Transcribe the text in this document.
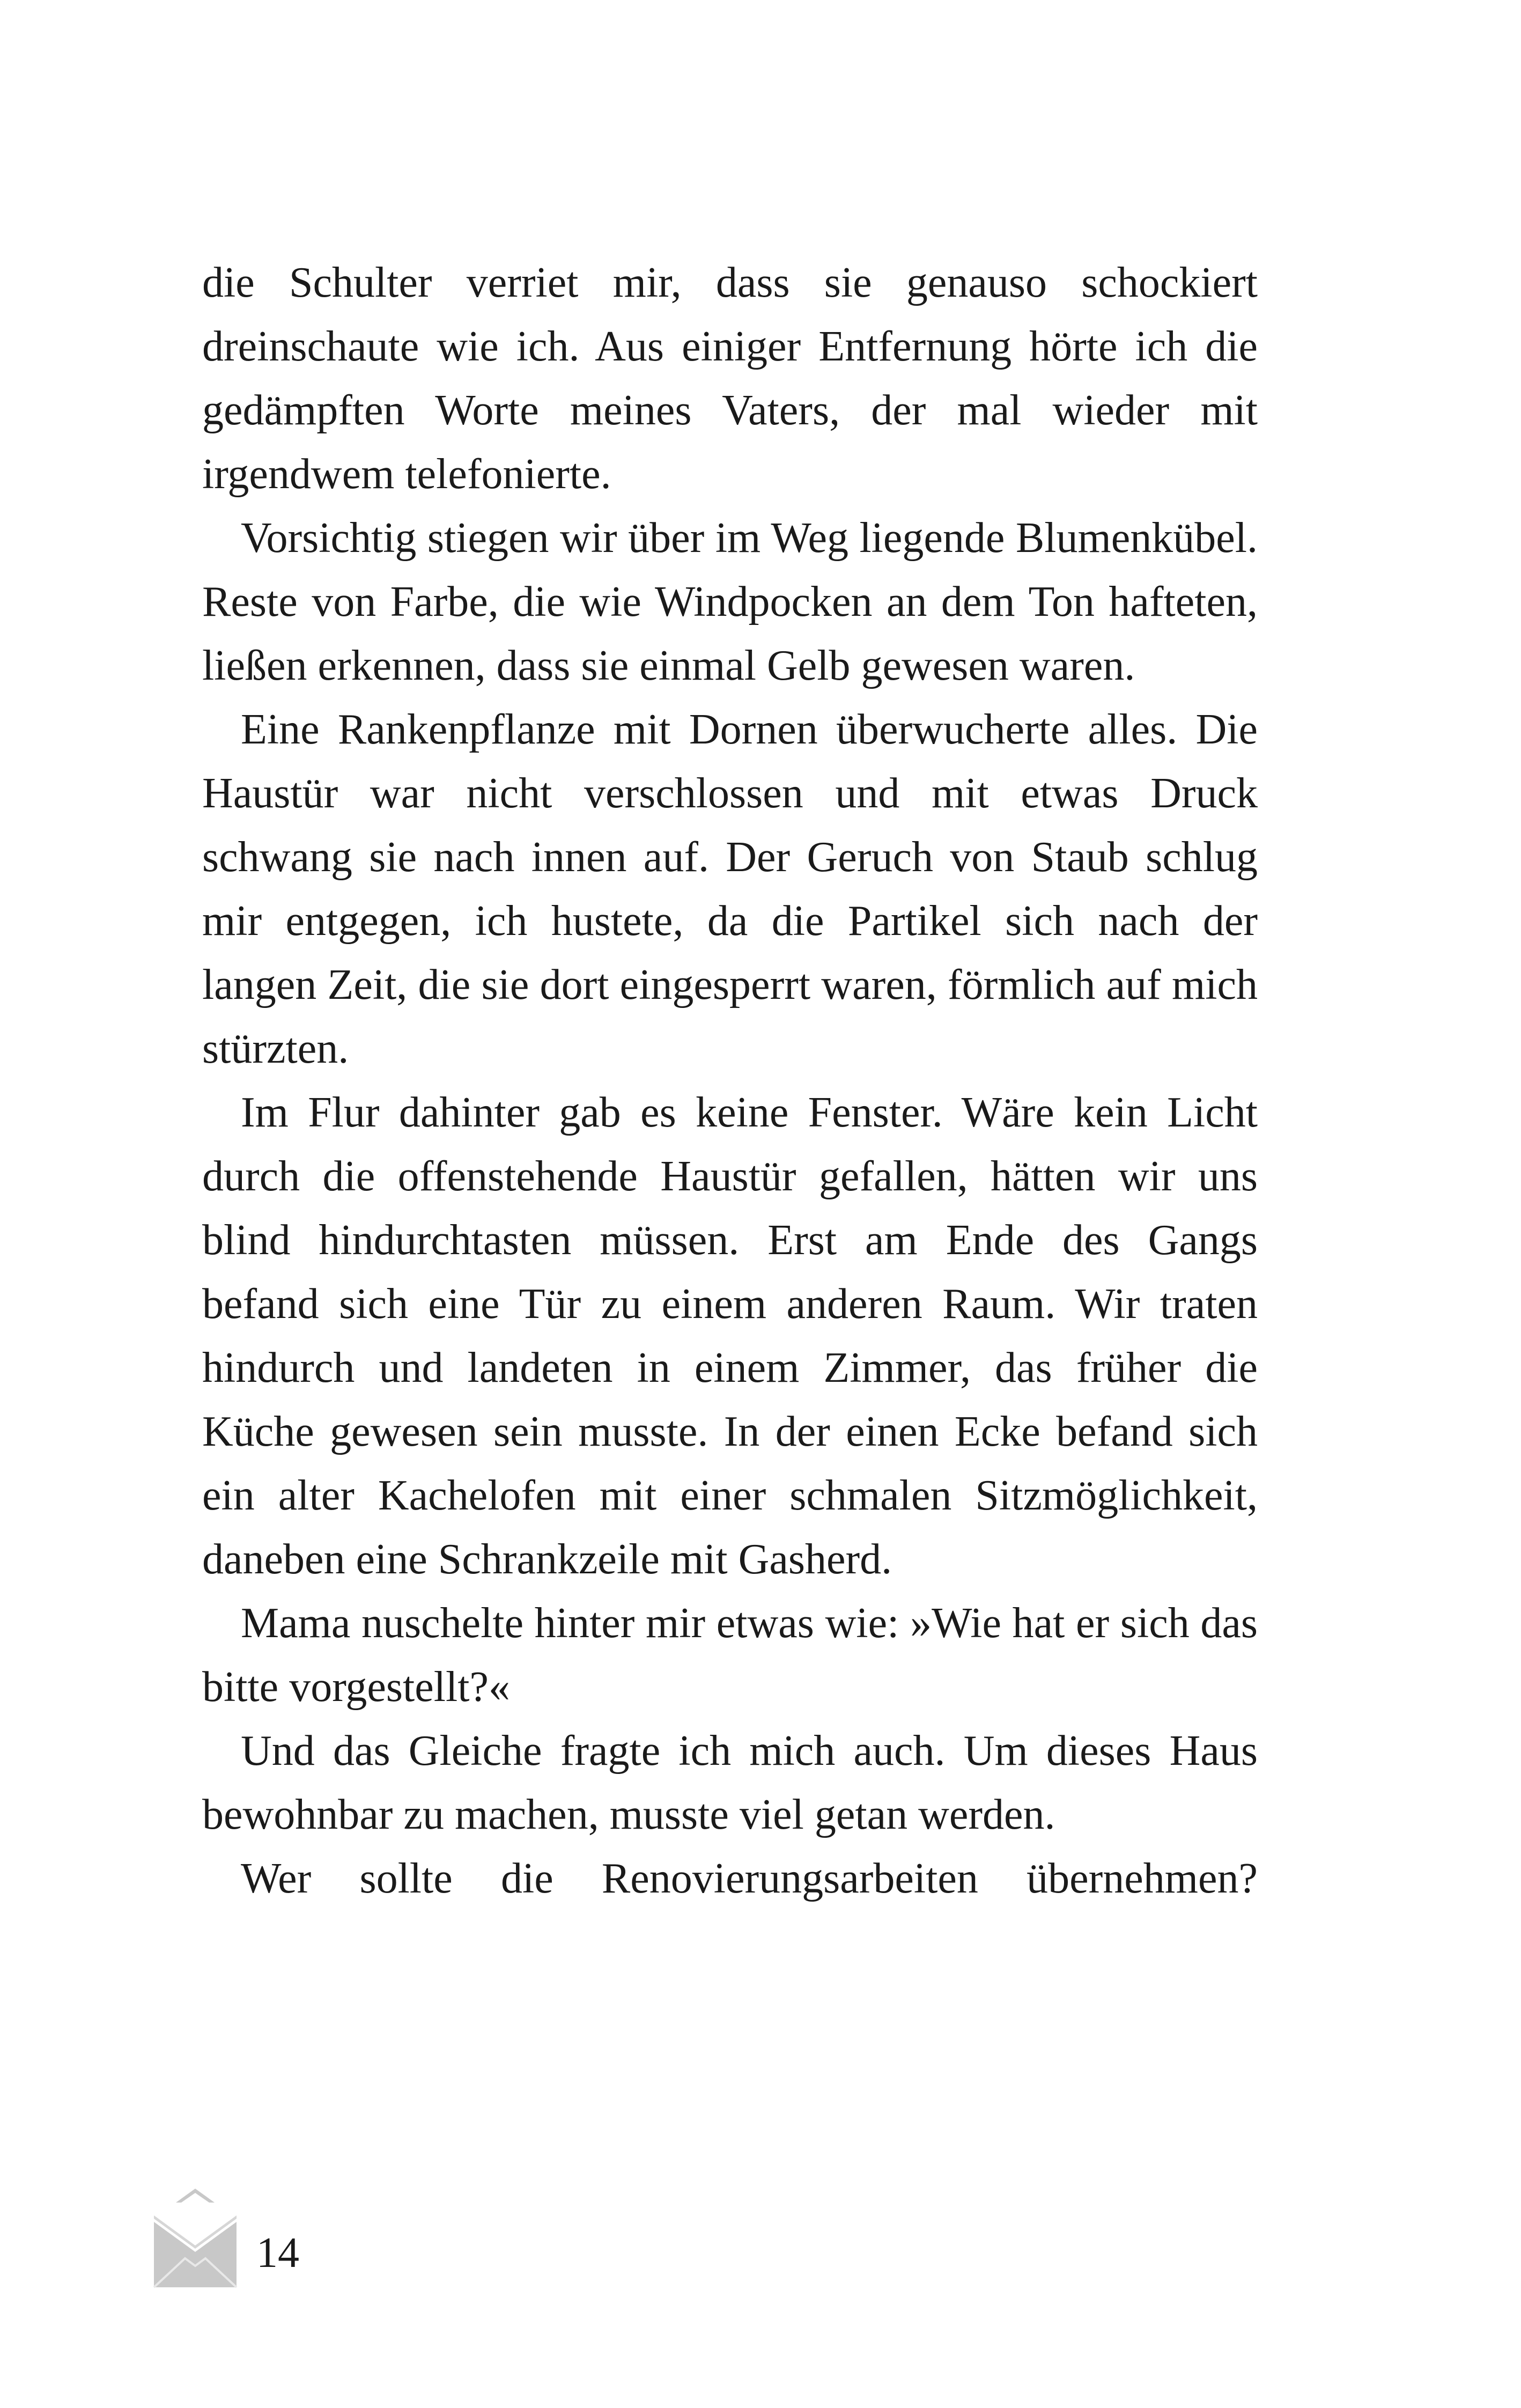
die Schulter verriet mir, dass sie genauso schockiert dreinschaute wie ich. Aus einiger Entfernung hörte ich die gedämpften Worte meines Vaters, der mal wieder mit irgendwem telefonierte.

Vorsichtig stiegen wir über im Weg liegende Blumenkübel. Reste von Farbe, die wie Windpocken an dem Ton hafteten, ließen erkennen, dass sie einmal Gelb gewesen waren.

Eine Rankenpflanze mit Dornen überwucherte alles. Die Haustür war nicht verschlossen und mit etwas Druck schwang sie nach innen auf. Der Geruch von Staub schlug mir entgegen, ich hustete, da die Partikel sich nach der langen Zeit, die sie dort eingesperrt waren, förmlich auf mich stürzten.

Im Flur dahinter gab es keine Fenster. Wäre kein Licht durch die offenstehende Haustür gefallen, hätten wir uns blind hindurchtasten müssen. Erst am Ende des Gangs befand sich eine Tür zu einem anderen Raum. Wir traten hindurch und landeten in einem Zimmer, das früher die Küche gewesen sein musste. In der einen Ecke befand sich ein alter Kachelofen mit einer schmalen Sitzmöglichkeit, daneben eine Schrankzeile mit Gasherd.

Mama nuschelte hinter mir etwas wie: »Wie hat er sich das bitte vorgestellt?«

Und das Gleiche fragte ich mich auch. Um dieses Haus bewohnbar zu machen, musste viel getan werden.

Wer sollte die Renovierungsarbeiten übernehmen?

14
